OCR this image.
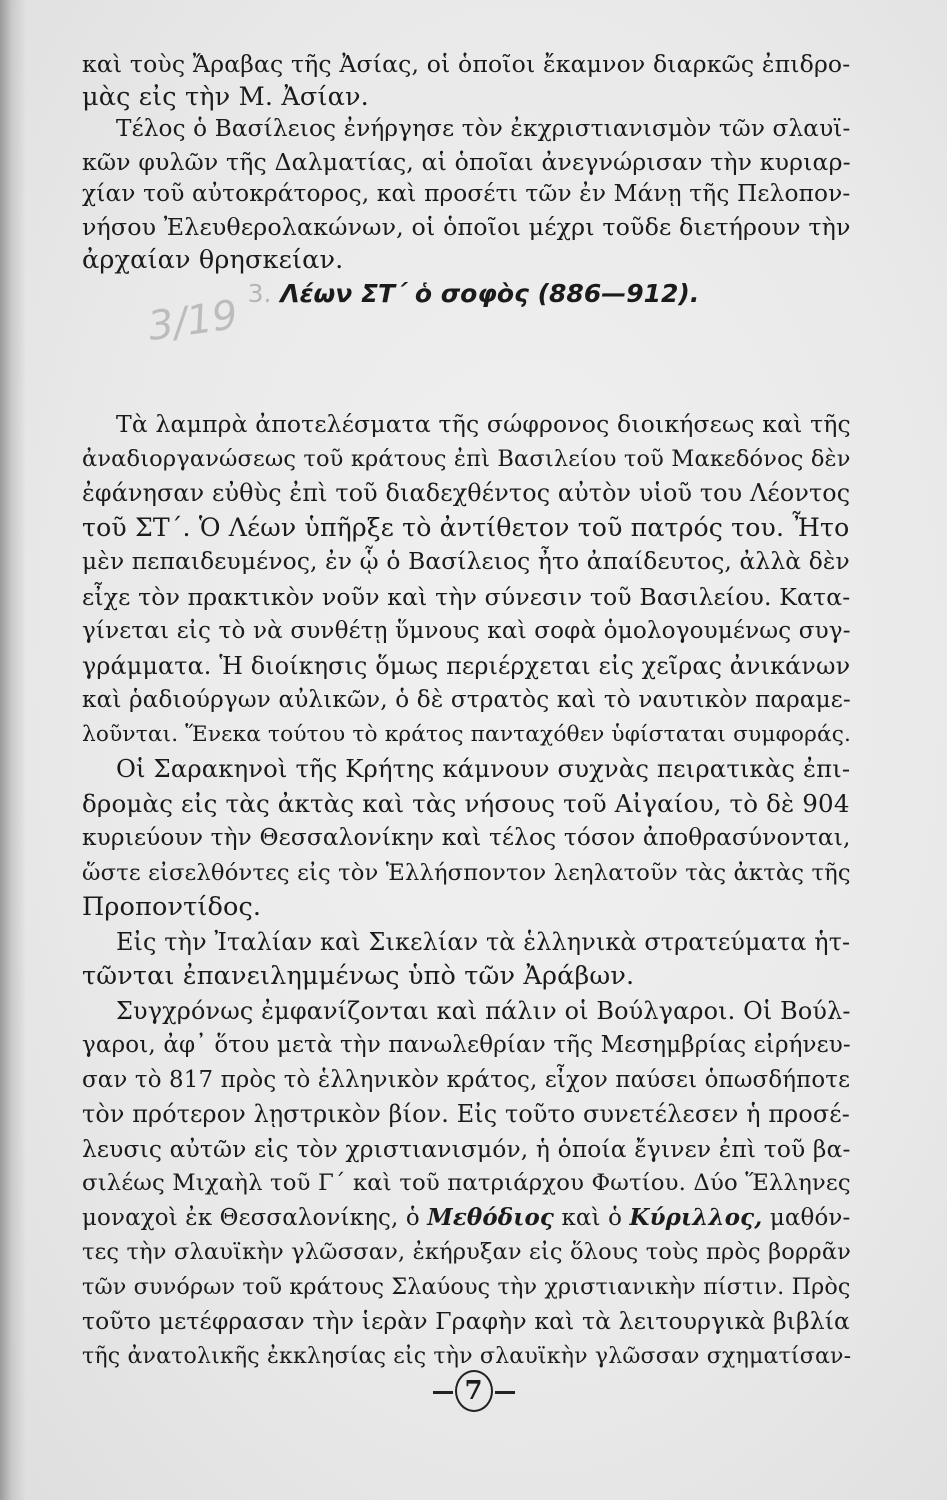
καὶ τοὺς Ἄραβας τῆς Ἀσίας, οἱ ὁποῖοι ἔκαμνον διαρκῶς ἐπιδρο-
μὰς εἰς τὴν Μ. Ἀσίαν.
Τέλος ὁ Βασίλειος ἐνήργησε τὸν ἐκχριστιανισμὸν τῶν σλαυϊ-
κῶν φυλῶν τῆς Δαλματίας, αἱ ὁποῖαι ἀνεγνώρισαν τὴν κυριαρ-
χίαν τοῦ αὐτοκράτορος, καὶ προσέτι τῶν ἐν Μάνῃ τῆς Πελοπον-
νήσου Ἐλευθερολακώνων, οἱ ὁποῖοι μέχρι τοῦδε διετήρουν τὴν
ἀρχαίαν θρησκείαν.
3/19 3. Λέων ΣΤ΄ ὁ σοφὸς (886—912).
Τὰ λαμπρὰ ἀποτελέσματα τῆς σώφρονος διοικήσεως καὶ τῆς
ἀναδιοργανώσεως τοῦ κράτους ἐπὶ Βασιλείου τοῦ Μακεδόνος δὲν
ἐφάνησαν εὐθὺς ἐπὶ τοῦ διαδεχθέντος αὐτὸν υἱοῦ του Λέοντος
τοῦ ΣΤ΄. Ὁ Λέων ὑπῆρξε τὸ ἀντίθετον τοῦ πατρός του. Ἦτο
μὲν πεπαιδευμένος, ἐν ᾧ ὁ Βασίλειος ἦτο ἀπαίδευτος, ἀλλὰ δὲν
εἶχε τὸν πρακτικὸν νοῦν καὶ τὴν σύνεσιν τοῦ Βασιλείου. Κατα-
γίνεται εἰς τὸ νὰ συνθέτῃ ὕμνους καὶ σοφὰ ὁμολογουμένως συγ-
γράμματα. Ἡ διοίκησις ὅμως περιέρχεται εἰς χεῖρας ἀνικάνων
καὶ ῥαδιούργων αὐλικῶν, ὁ δὲ στρατὸς καὶ τὸ ναυτικὸν παραμε-
λοῦνται. Ἕνεκα τούτου τὸ κράτος πανταχόθεν ὑφίσταται συμφοράς.
Οἱ Σαρακηνοὶ τῆς Κρήτης κάμνουν συχνὰς πειρατικὰς ἐπι-
δρομὰς εἰς τὰς ἀκτὰς καὶ τὰς νήσους τοῦ Αἰγαίου, τὸ δὲ 904
κυριεύουν τὴν Θεσσαλονίκην καὶ τέλος τόσον ἀποθρασύνονται,
ὥστε εἰσελθόντες εἰς τὸν Ἑλλήσποντον λεηλατοῦν τὰς ἀκτὰς τῆς
Προποντίδος.
Εἰς τὴν Ἰταλίαν καὶ Σικελίαν τὰ ἑλληνικὰ στρατεύματα ἡτ-
τῶνται ἐπανειλημμένως ὑπὸ τῶν Ἀράβων.
Συγχρόνως ἐμφανίζονται καὶ πάλιν οἱ Βούλγαροι. Οἱ Βούλ-
γαροι, ἀφ᾿ ὅτου μετὰ τὴν πανωλεθρίαν τῆς Μεσημβρίας εἰρήνευ-
σαν τὸ 817 πρὸς τὸ ἑλληνικὸν κράτος, εἶχον παύσει ὁπωσδήποτε
τὸν πρότερον λῃστρικὸν βίον. Εἰς τοῦτο συνετέλεσεν ἡ προσέ-
λευσις αὐτῶν εἰς τὸν χριστιανισμόν, ἡ ὁποία ἔγινεν ἐπὶ τοῦ βα-
σιλέως Μιχαὴλ τοῦ Γ΄ καὶ τοῦ πατριάρχου Φωτίου. Δύο Ἕλληνες
μοναχοὶ ἐκ Θεσσαλονίκης, ὁ Μεθόδιος καὶ ὁ Κύριλλος, μαθόν-
τες τὴν σλαυϊκὴν γλῶσσαν, ἐκήρυξαν εἰς ὅλους τοὺς πρὸς βορρᾶν
τῶν συνόρων τοῦ κράτους Σλαύους τὴν χριστιανικὴν πίστιν. Πρὸς
τοῦτο μετέφρασαν τὴν ἱερὰν Γραφὴν καὶ τὰ λειτουργικὰ βιβλία
τῆς ἀνατολικῆς ἐκκλησίας εἰς τὴν σλαυϊκὴν γλῶσσαν σχηματίσαν-
7
